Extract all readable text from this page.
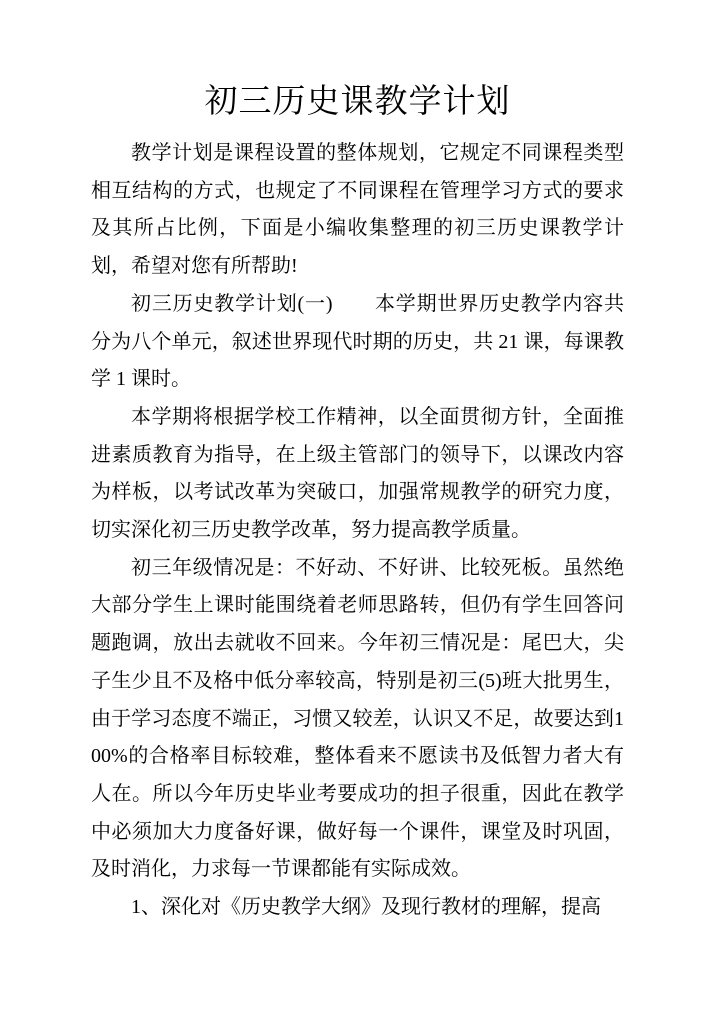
初三历史课教学计划

教学计划是课程设置的整体规划，它规定不同课程类型相互结构的方式，也规定了不同课程在管理学习方式的要求及其所占比例，下面是小编收集整理的初三历史课教学计划，希望对您有所帮助!

初三历史教学计划(一)　　本学期世界历史教学内容共分为八个单元，叙述世界现代时期的历史，共 21 课，每课教学 1 课时。

本学期将根据学校工作精神，以全面贯彻方针，全面推进素质教育为指导，在上级主管部门的领导下，以课改内容为样板，以考试改革为突破口，加强常规教学的研究力度，切实深化初三历史教学改革，努力提高教学质量。

初三年级情况是：不好动、不好讲、比较死板。虽然绝大部分学生上课时能围绕着老师思路转，但仍有学生回答问题跑调，放出去就收不回来。今年初三情况是：尾巴大，尖子生少且不及格中低分率较高，特别是初三(5)班大批男生，由于学习态度不端正，习惯又较差，认识又不足，故要达到100%的合格率目标较难，整体看来不愿读书及低智力者大有人在。所以今年历史毕业考要成功的担子很重，因此在教学中必须加大力度备好课，做好每一个课件，课堂及时巩固，及时消化，力求每一节课都能有实际成效。

1、深化对《历史教学大纲》及现行教材的理解，提高
